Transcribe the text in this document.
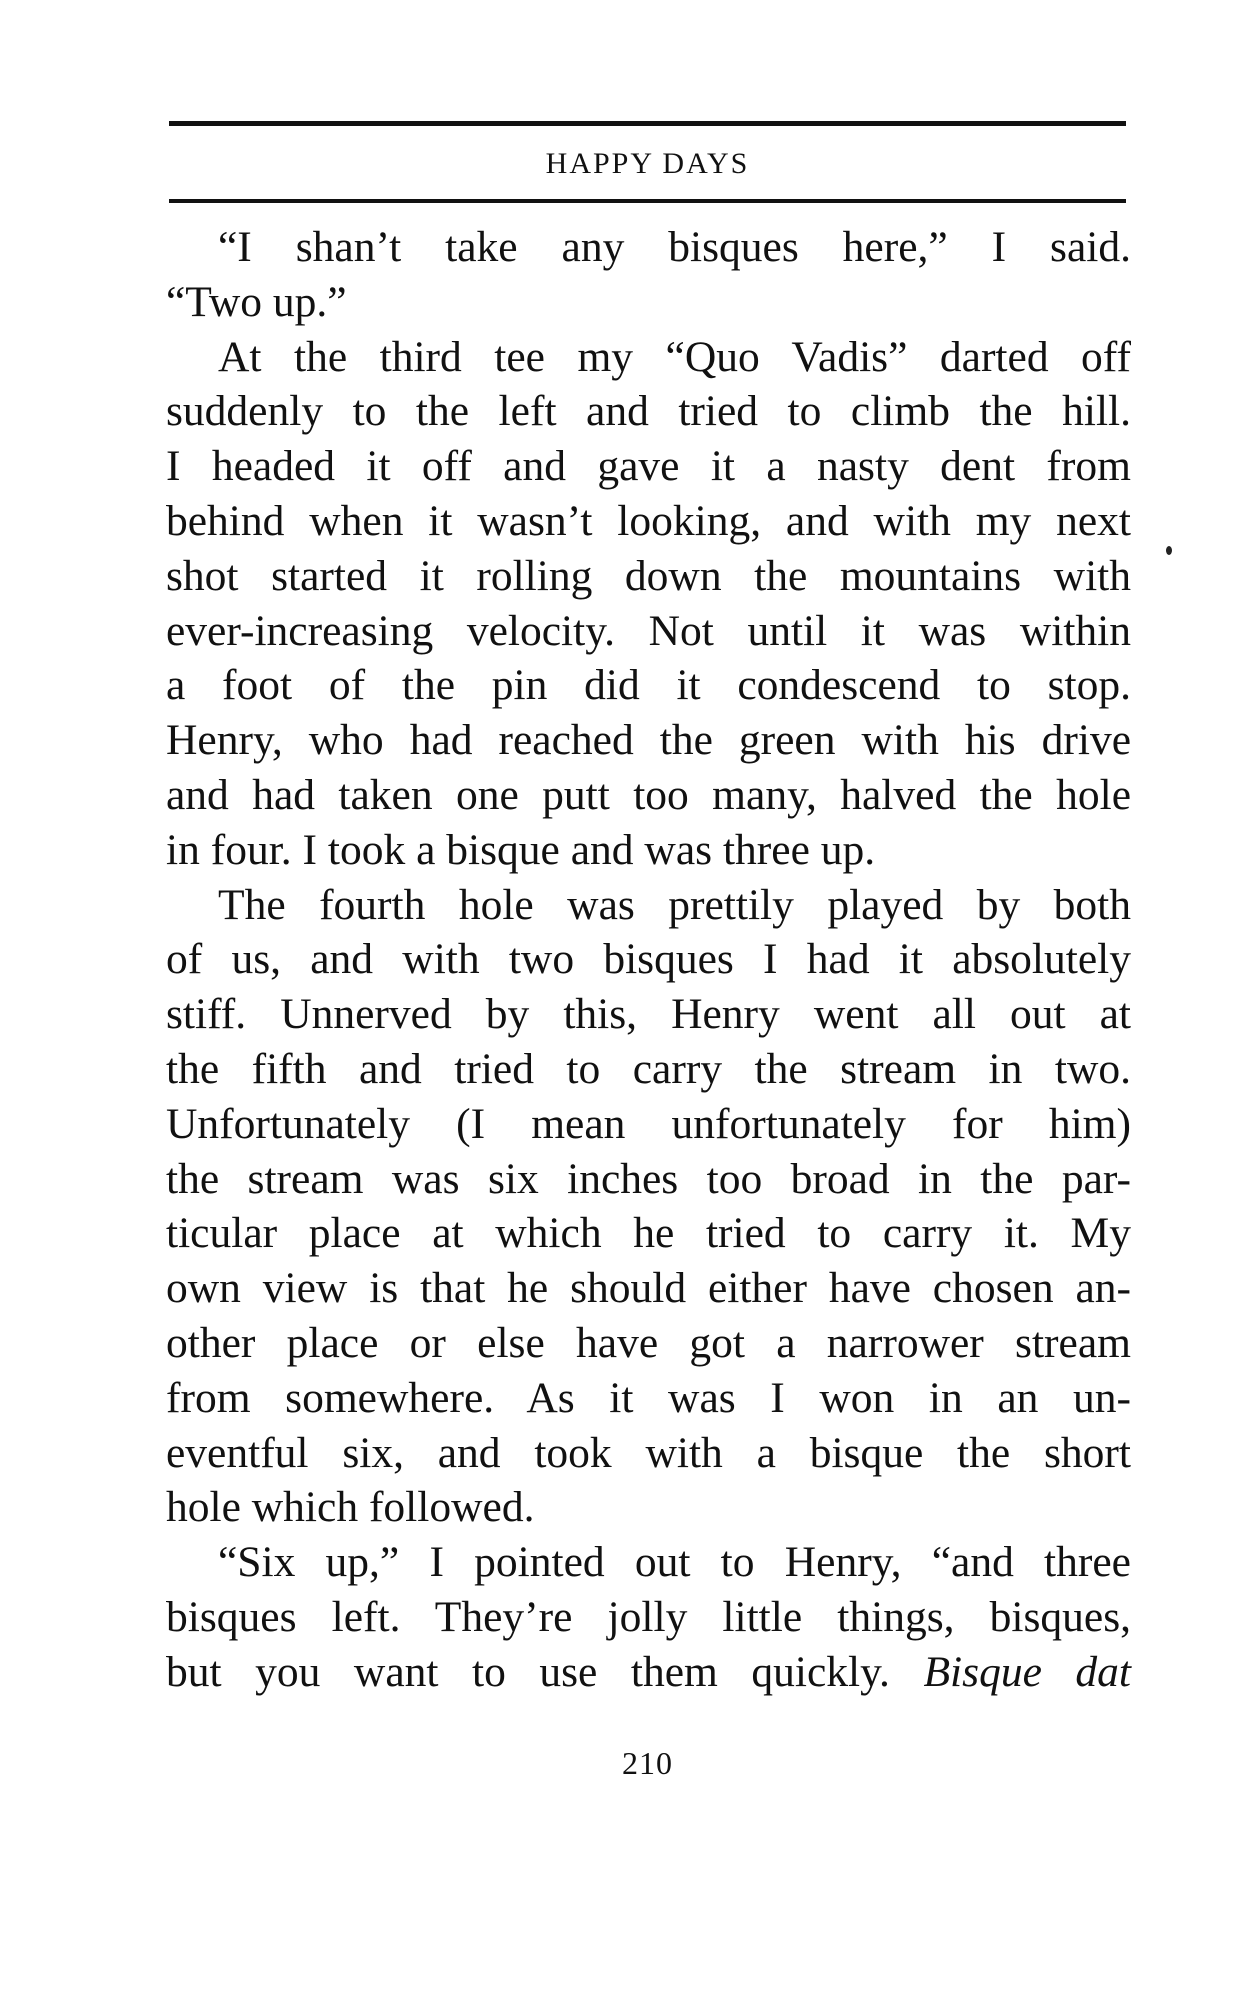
HAPPY DAYS
“I shan’t take any bisques here,” I said.
“Two up.”
At the third tee my “Quo Vadis” darted off
suddenly to the left and tried to climb the hill.
I headed it off and gave it a nasty dent from
behind when it wasn’t looking, and with my next
shot started it rolling down the mountains with
ever-increasing velocity. Not until it was within
a foot of the pin did it condescend to stop.
Henry, who had reached the green with his drive
and had taken one putt too many, halved the hole
in four. I took a bisque and was three up.
The fourth hole was prettily played by both
of us, and with two bisques I had it absolutely
stiff. Unnerved by this, Henry went all out at
the fifth and tried to carry the stream in two.
Unfortunately (I mean unfortunately for him)
the stream was six inches too broad in the par-
ticular place at which he tried to carry it. My
own view is that he should either have chosen an-
other place or else have got a narrower stream
from somewhere. As it was I won in an un-
eventful six, and took with a bisque the short
hole which followed.
“Six up,” I pointed out to Henry, “and three
bisques left. They’re jolly little things, bisques,
but you want to use them quickly. Bisque dat
210
